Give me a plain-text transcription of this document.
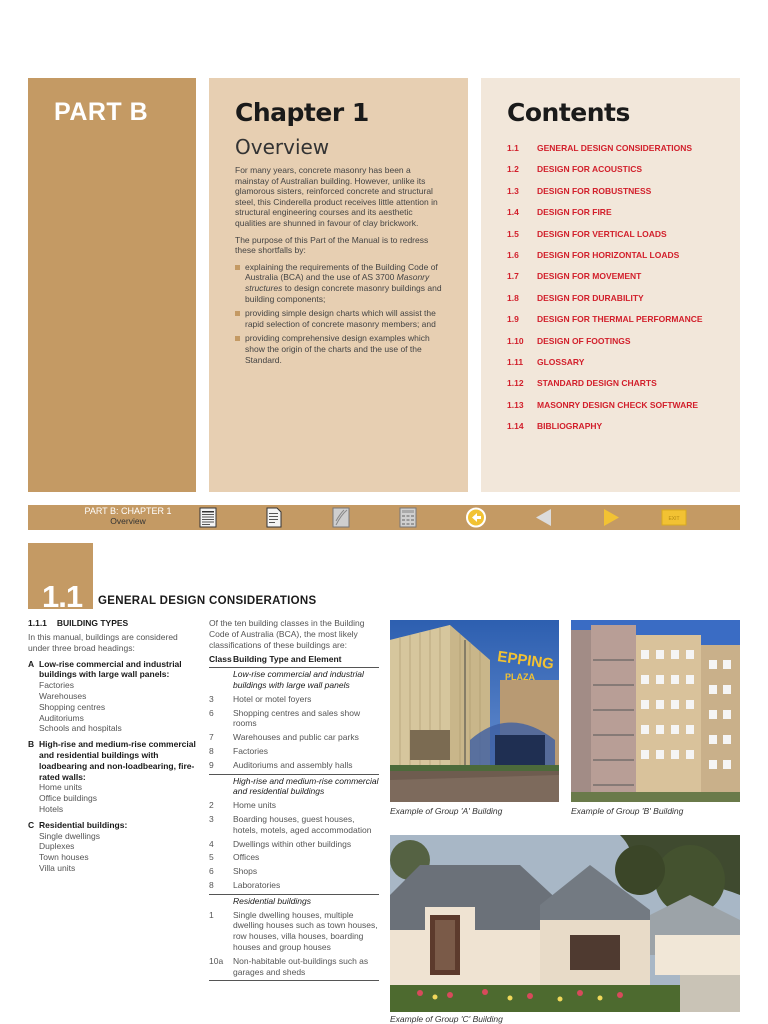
PART B	Chapter 1
Overview

For many years, concrete masonry has been a mainstay of Australian building. However, unlike its glamorous sisters, reinforced concrete and structural steel, this Cinderella product receives little attention in structural engineering courses and its aesthetic qualities are shunned in favour of clay brickwork.

The purpose of this Part of the Manual is to redress these shortfalls by:

explaining the requirements of the Building Code of Australia (BCA) and the use of AS 3700 Masonry structures to design concrete masonry buildings and building components;
providing simple design charts which will assist the rapid selection of concrete masonry members; and
providing comprehensive design examples which show the origin of the charts and the use of the Standard.
Contents
1.1	GENERAL DESIGN CONSIDERATIONS
1.2	DESIGN FOR ACOUSTICS
1.3	DESIGN FOR ROBUSTNESS
1.4	DESIGN FOR FIRE
1.5	DESIGN FOR VERTICAL LOADS
1.6	DESIGN FOR HORIZONTAL LOADS
1.7	DESIGN FOR MOVEMENT
1.8	DESIGN FOR DURABILITY
1.9	DESIGN FOR THERMAL PERFORMANCE
1.10	DESIGN OF FOOTINGS
1.11	GLOSSARY
1.12	STANDARD DESIGN CHARTS
1.13	MASONRY DESIGN CHECK SOFTWARE
1.14	BIBLIOGRAPHY
PART B: CHAPTER 1
Overview	EXIT
1.1 GENERAL DESIGN CONSIDERATIONS
1.1.1 BUILDING TYPES
In this manual, buildings are considered under three broad headings:
A Low-rise commercial and industrial buildings with large wall panels:
Factories
Warehouses
Shopping centres
Auditoriums
Schools and hospitals
B High-rise and medium-rise commercial and residential buildings with loadbearing and non-loadbearing, fire-rated walls:
Home units
Office buildings
Hotels
C Residential buildings:
Single dwellings
Duplexes
Town houses
Villa units
Of the ten building classes in the Building Code of Australia (BCA), the most likely classifications of these buildings are:
Class Building Type and Element
Low-rise commercial and industrial buildings with large wall panels
3	Hotel or motel foyers
6	Shopping centres and sales show rooms
7	Warehouses and public car parks
8	Factories
9	Auditoriums and assembly halls
High-rise and medium-rise commercial and residential buildings
2	Home units
3	Boarding houses, guest houses, hotels, motels, aged accommodation
4	Dwellings within other buildings
5	Offices
6	Shops
8	Laboratories
Residential buildings
1	Single dwelling houses, multiple dwelling houses such as town houses, row houses, villa houses, boarding houses and group houses
10a	Non-habitable out-buildings such as garages and sheds
EPPING
PLAZA
Example of Group 'A' Building	Example of Group 'B' Building
Example of Group 'C' Building
